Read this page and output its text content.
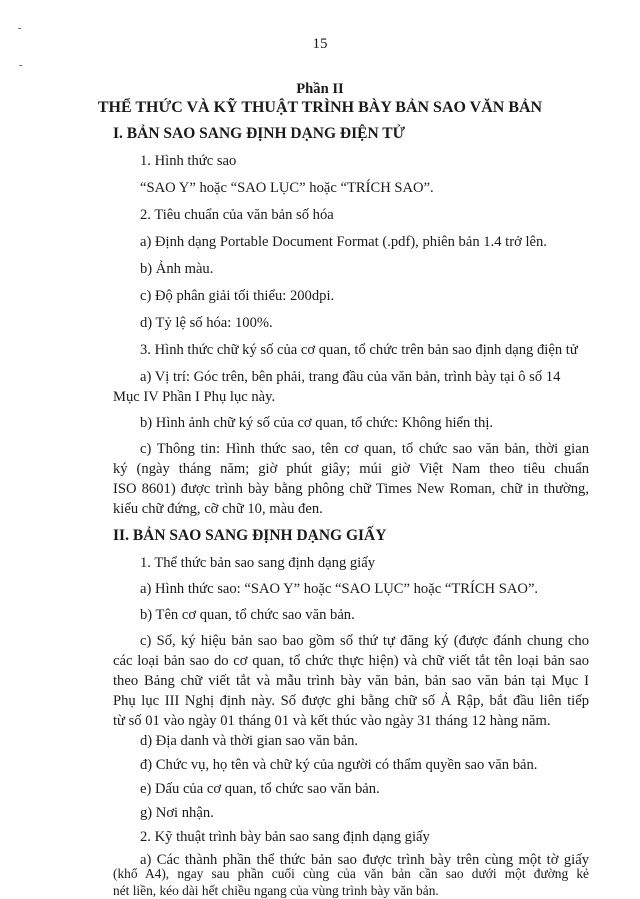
-
-
15
Phần II
THỂ THỨC VÀ KỸ THUẬT TRÌNH BÀY BẢN SAO VĂN BẢN
I. BẢN SAO SANG ĐỊNH DẠNG ĐIỆN TỬ
1. Hình thức sao
“SAO Y” hoặc “SAO LỤC” hoặc “TRÍCH SAO”.
2. Tiêu chuẩn của văn bản số hóa
a) Định dạng Portable Document Format (.pdf), phiên bản 1.4 trở lên.
b) Ảnh màu.
c) Độ phân giải tối thiểu: 200dpi.
d) Tỷ lệ số hóa: 100%.
3. Hình thức chữ ký số của cơ quan, tổ chức trên bản sao định dạng điện tử
a) Vị trí: Góc trên, bên phải, trang đầu của văn bản, trình bày tại ô số 14
Mục IV Phần I Phụ lục này.
b) Hình ảnh chữ ký số của cơ quan, tổ chức: Không hiển thị.
c) Thông tin: Hình thức sao, tên cơ quan, tổ chức sao văn bản, thời gian
ký (ngày tháng năm; giờ phút giây; múi giờ Việt Nam theo tiêu chuẩn
ISO 8601) được trình bày bằng phông chữ Times New Roman, chữ in thường,
kiểu chữ đứng, cỡ chữ 10, màu đen.
II. BẢN SAO SANG ĐỊNH DẠNG GIẤY
1. Thể thức bản sao sang định dạng giấy
a) Hình thức sao: “SAO Y” hoặc “SAO LỤC” hoặc “TRÍCH SAO”.
b) Tên cơ quan, tổ chức sao văn bản.
c) Số, ký hiệu bản sao bao gồm số thứ tự đăng ký (được đánh chung cho
các loại bản sao do cơ quan, tổ chức thực hiện) và chữ viết tắt tên loại bản sao
theo Bảng chữ viết tắt và mẫu trình bày văn bản, bản sao văn bản tại Mục I
Phụ lục III Nghị định này. Số được ghi bằng chữ số Ả Rập, bắt đầu liên tiếp
từ số 01 vào ngày 01 tháng 01 và kết thúc vào ngày 31 tháng 12 hàng năm.
d) Địa danh và thời gian sao văn bản.
đ) Chức vụ, họ tên và chữ ký của người có thẩm quyền sao văn bản.
e) Dấu của cơ quan, tổ chức sao văn bản.
g) Nơi nhận.
2. Kỹ thuật trình bày bản sao sang định dạng giấy
a) Các thành phần thể thức bản sao được trình bày trên cùng một tờ giấy
(khổ A4), ngay sau phần cuối cùng của văn bản cần sao dưới một đường kẻ
nét liền, kéo dài hết chiều ngang của vùng trình bày văn bản.
